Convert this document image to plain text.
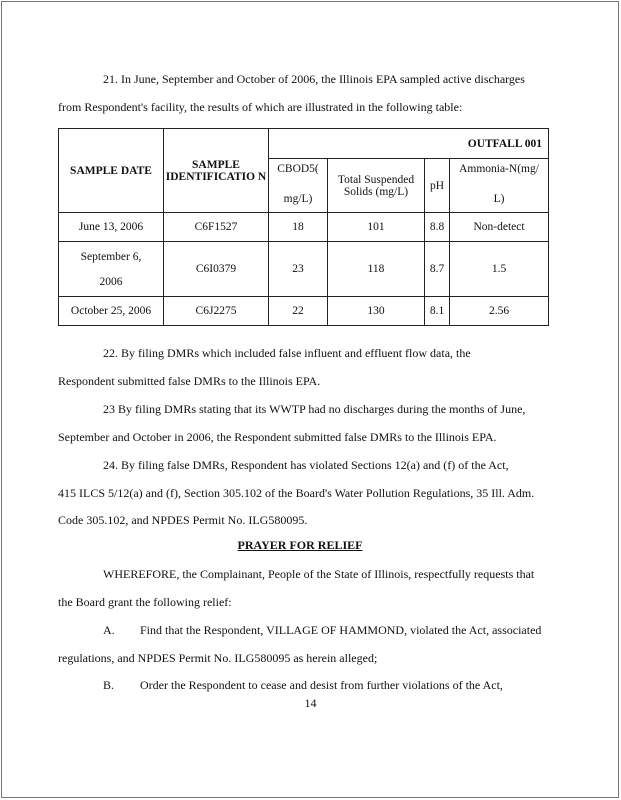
21. In June, September and October of 2006, the Illinois EPA sampled active discharges
from Respondent's facility, the results of which are illustrated in the following table:
SAMPLE DATE	SAMPLE IDENTIFICATIO N	OUTFALL 001			
		CBOD5(	Total Suspended Solids (mg/L)	pH	Ammonia-N(mg/
		mg/L)			L)
June 13, 2006	C6F1527	18	101	8.8	Non-detect

September 6,
2006	C6I0379	23	118	8.7	1.5
October 25, 2006	C6J2275	22	130	8.1	2.56
22. By filing DMRs which included false influent and effluent flow data, the
Respondent submitted false DMRs to the Illinois EPA.
23 By filing DMRs stating that its WWTP had no discharges during the months of June,
September and October in 2006, the Respondent submitted false DMRs to the Illinois EPA.
24. By filing false DMRs, Respondent has violated Sections 12(a) and (f) of the Act,
415 ILCS 5/12(a) and (f), Section 305.102 of the Board's Water Pollution Regulations, 35 Ill. Adm.
Code 305.102, and NPDES Permit No. ILG580095.
PRAYER FOR RELIEF
WHEREFORE, the Complainant, People of the State of Illinois, respectfully requests that
the Board grant the following relief:
A. Find that the Respondent, VILLAGE OF HAMMOND, violated the Act, associated
regulations, and NPDES Permit No. ILG580095 as herein alleged;
B. Order the Respondent to cease and desist from further violations of the Act,
14
